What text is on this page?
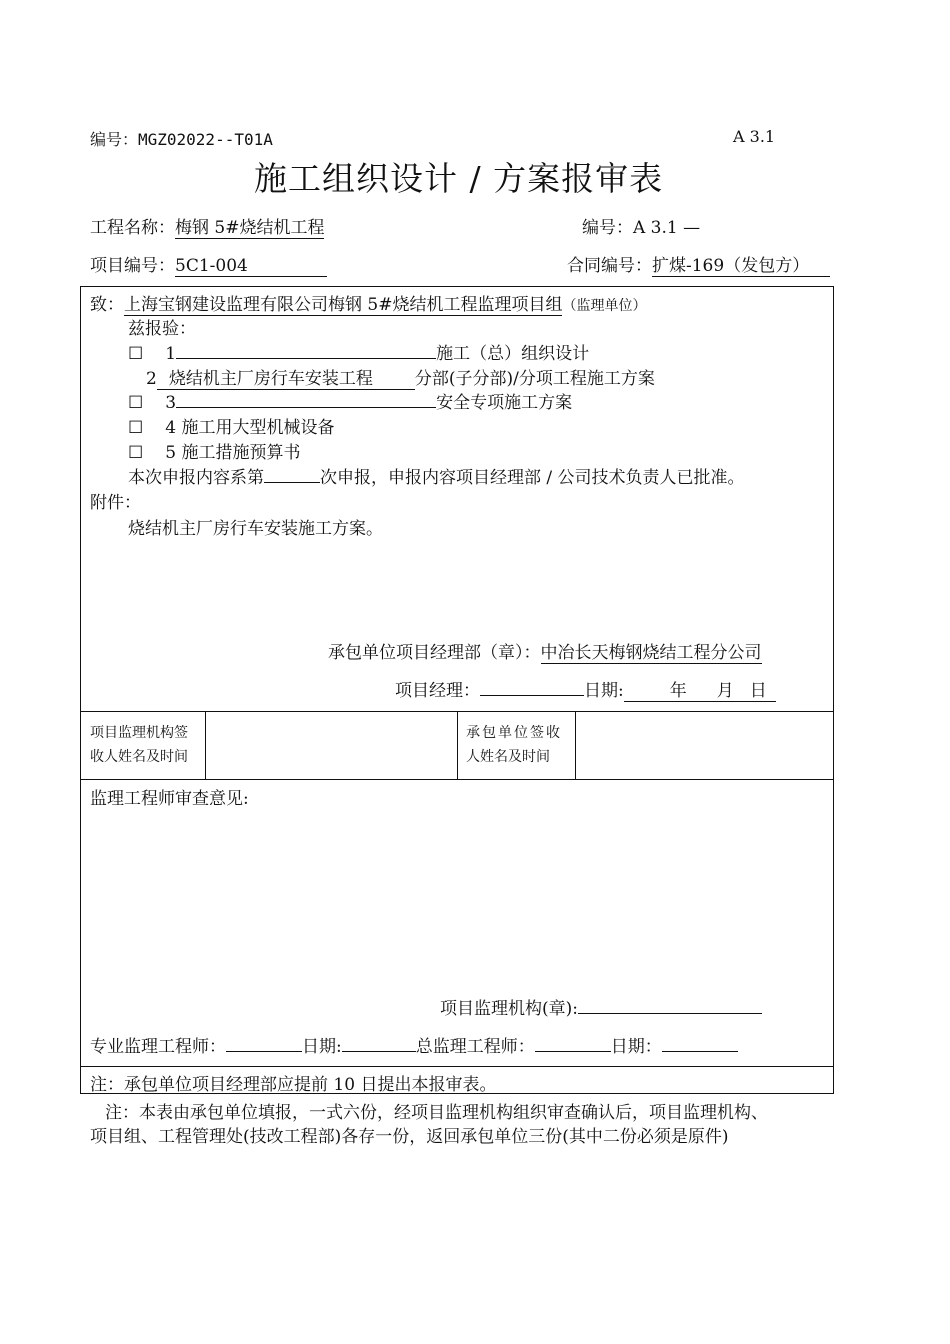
编号：MGZ02022--T01A	A 3.1
施工组织设计 / 方案报审表
工程名称：梅钢 5#烧结机工程	编号：A 3.1 —
项目编号：5C1-004	合同编号：扩煤-169（发包方）
致：上海宝钢建设监理有限公司梅钢 5#烧结机工程监理项目组（监理单位）
兹报验：
☐ 1	施工（总）组织设计
2 烧结机主厂房行车安装工程 分部(子分部)/分项工程施工方案
☐ 3	安全专项施工方案
☐ 4 施工用大型机械设备
☐ 5 施工措施预算书
本次申报内容系第	次申报，申报内容项目经理部 / 公司技术负责人已批准。
附件：
烧结机主厂房行车安装施工方案。
承包单位项目经理部（章）：中冶长天梅钢烧结工程分公司
项目经理：	日期:	年 月 日
项目监理机构签
收人姓名及时间
承包单位签收
人姓名及时间
监理工程师审查意见:
项目监理机构(章):
专业监理工程师：	日期:	总监理工程师：	日期：
注：承包单位项目经理部应提前 10 日提出本报审表。
注：本表由承包单位填报，一式六份，经项目监理机构组织审查确认后，项目监理机构、
项目组、工程管理处(技改工程部)各存一份，返回承包单位三份(其中二份必须是原件)
